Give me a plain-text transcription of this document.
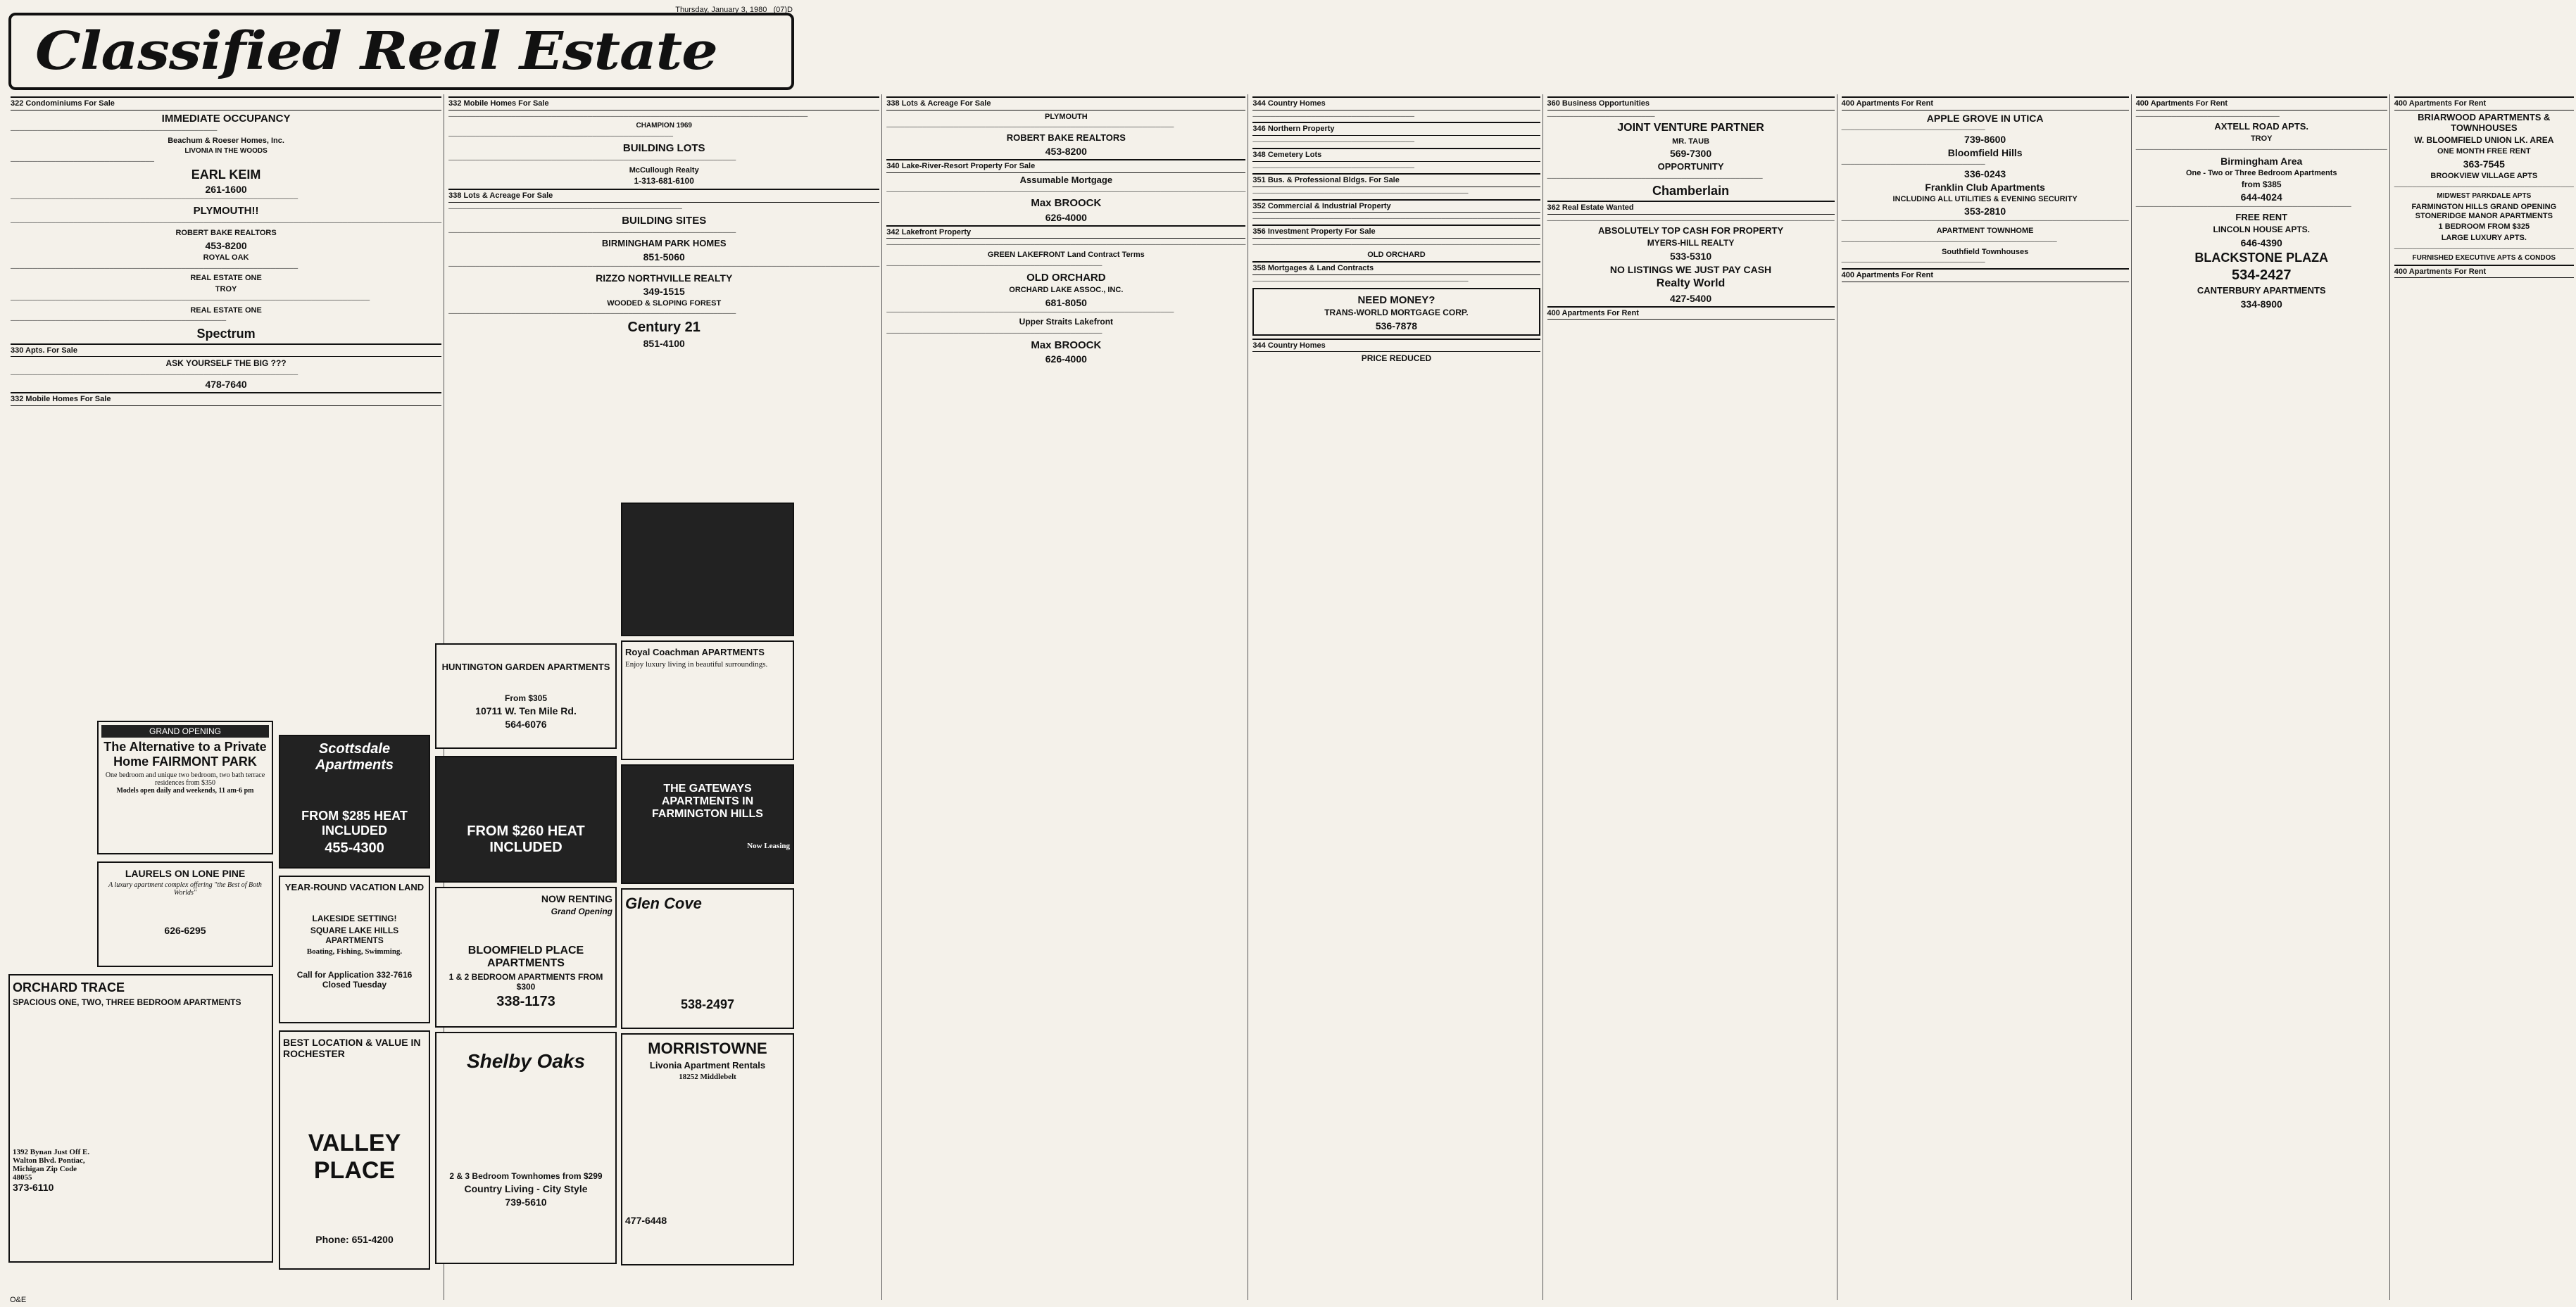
Thursday, January 3, 1980 (07)D
Classified Real Estate
322 Condominiums For Sale
IMMEDIATE OCCUPANCY
──────────────────────────────────────────────
Beachum & Roeser Homes, Inc.
LIVONIA IN THE WOODS
────────────────────────────────
EARL KEIM
261-1600
────────────────────────────────────────────────────────────────
PLYMOUTH!!
────────────────────────────────────────────────────────────────────────────────────────────────
ROBERT BAKE REALTORS
453-8200
ROYAL OAK
────────────────────────────────────────────────────────────────
REAL ESTATE ONE
TROY
────────────────────────────────────────────────────────────────────────────────
REAL ESTATE ONE
────────────────────────────────────────────────
Spectrum
330 Apts. For Sale
ASK YOURSELF THE BIG ???
────────────────────────────────────────────────────────────────
478-7640
332 Mobile Homes For Sale
332 Mobile Homes For Sale
────────────────────────────────────────────────────────────────────────────────
CHAMPION 1969
──────────────────────────────────────────────────
BUILDING LOTS
────────────────────────────────────────────────────────────────
McCullough Realty
1-313-681-6100
338 Lots & Acreage For Sale
────────────────────────────────────────────────────
BUILDING SITES
────────────────────────────────────────────────────────────────
BIRMINGHAM PARK HOMES
851-5060
────────────────────────────────────────────────────────────────────────────────────────────────
RIZZO NORTHVILLE REALTY
349-1515
WOODED & SLOPING FOREST
────────────────────────────────────────────────────────────────
Century 21
851-4100
338 Lots & Acreage For Sale
PLYMOUTH
────────────────────────────────────────────────────────────────
ROBERT BAKE REALTORS
453-8200
340 Lake-River-Resort Property For Sale
Assumable Mortgage
────────────────────────────────────────────────────────────────────────────────
Max BROOCK
626-4000
342 Lakefront Property
────────────────────────────────────────────────────────────────────────────────
GREEN LAKEFRONT Land Contract Terms
────────────────────────────────────────────────
OLD ORCHARD
ORCHARD LAKE ASSOC., INC.
681-8050
────────────────────────────────────────────────────────────────
Upper Straits Lakefront
────────────────────────────────────────────────
Max BROOCK
626-4000
344 Country Homes
────────────────────────────────────
346 Northern Property
────────────────────────────────────
348 Cemetery Lots
────────────────────────────────────
351 Bus. & Professional Bldgs. For Sale
────────────────────────────────────────────────
352 Commercial & Industrial Property
────────────────────────────────────────────────────────────────
356 Investment Property For Sale
────────────────────────────────────────────────────────────────
OLD ORCHARD
358 Mortgages & Land Contracts
────────────────────────────────────────────────
NEED MONEY?
TRANS-WORLD MORTGAGE CORP.
536-7878
344 Country Homes
PRICE REDUCED
360 Business Opportunities
────────────────────────
JOINT VENTURE PARTNER
MR. TAUB
569-7300
OPPORTUNITY
────────────────────────────────────────────────
Chamberlain
362 Real Estate Wanted
────────────────────────────────────────────────────────────────
ABSOLUTELY TOP CASH FOR PROPERTY
MYERS-HILL REALTY
533-5310
NO LISTINGS WE JUST PAY CASH
Realty World
427-5400
400 Apartments For Rent
400 Apartments For Rent
APPLE GROVE IN UTICA
────────────────────────────────
739-8600
Bloomfield Hills
────────────────────────────────
336-0243
Franklin Club Apartments
INCLUDING ALL UTILITIES & EVENING SECURITY
353-2810
────────────────────────────────────────────────────────────────
APARTMENT TOWNHOME
────────────────────────────────────────────────
Southfield Townhouses
────────────────────────────────
400 Apartments For Rent
400 Apartments For Rent
────────────────────────────────
AXTELL ROAD APTS.
TROY
────────────────────────────────────────────────────────
Birmingham Area
One - Two or Three Bedroom Apartments
from $385
644-4024
────────────────────────────────────────────────
FREE RENT
LINCOLN HOUSE APTS.
646-4390
BLACKSTONE PLAZA
534-2427
CANTERBURY APARTMENTS
334-8900
400 Apartments For Rent
BRIARWOOD APARTMENTS & TOWNHOUSES
W. BLOOMFIELD UNION LK. AREA
ONE MONTH FREE RENT
363-7545
BROOKVIEW VILLAGE APTS
────────────────────────────────────────
MIDWEST PARKDALE APTS
FARMINGTON HILLS GRAND OPENING STONERIDGE MANOR APARTMENTS
1 BEDROOM FROM $325
LARGE LUXURY APTS.
────────────────────────────────────────
FURNISHED EXECUTIVE APTS & CONDOS
400 Apartments For Rent
GRAND OPENING
The Alternative to a Private Home FAIRMONT PARK
One bedroom and unique two bedroom, two bath terrace residences from $350
Models open daily and weekends, 11 am-6 pm
LAURELS ON LONE PINE
A luxury apartment complex offering "the Best of Both Worlds"
626-6295
ORCHARD TRACE
SPACIOUS ONE, TWO, THREE BEDROOM APARTMENTS
1392 Bynan Just Off E. Walton Blvd. Pontiac, Michigan Zip Code 48055
373-6110
Scottsdale Apartments
FROM $285 HEAT INCLUDED
455-4300
YEAR-ROUND VACATION LAND
LAKESIDE SETTING!
SQUARE LAKE HILLS APARTMENTS
Boating, Fishing, Swimming.
Call for Application 332-7616 Closed Tuesday
BEST LOCATION & VALUE IN ROCHESTER
VALLEY PLACE
Phone: 651-4200
HUNTINGTON GARDEN APARTMENTS
From $305
10711 W. Ten Mile Rd.
564-6076
FROM $260 HEAT INCLUDED
NOW RENTING
Grand Opening
BLOOMFIELD PLACE APARTMENTS
1 & 2 BEDROOM APARTMENTS FROM $300
338-1173
Shelby Oaks
2 & 3 Bedroom Townhomes from $299
Country Living - City Style
739-5610
Royal Coachman APARTMENTS
Enjoy luxury living in beautiful surroundings.
THE GATEWAYS APARTMENTS IN FARMINGTON HILLS
Now Leasing
Glen Cove
538-2497
MORRISTOWNE
Livonia Apartment Rentals
18252 Middlebelt
477-6448
O&E
